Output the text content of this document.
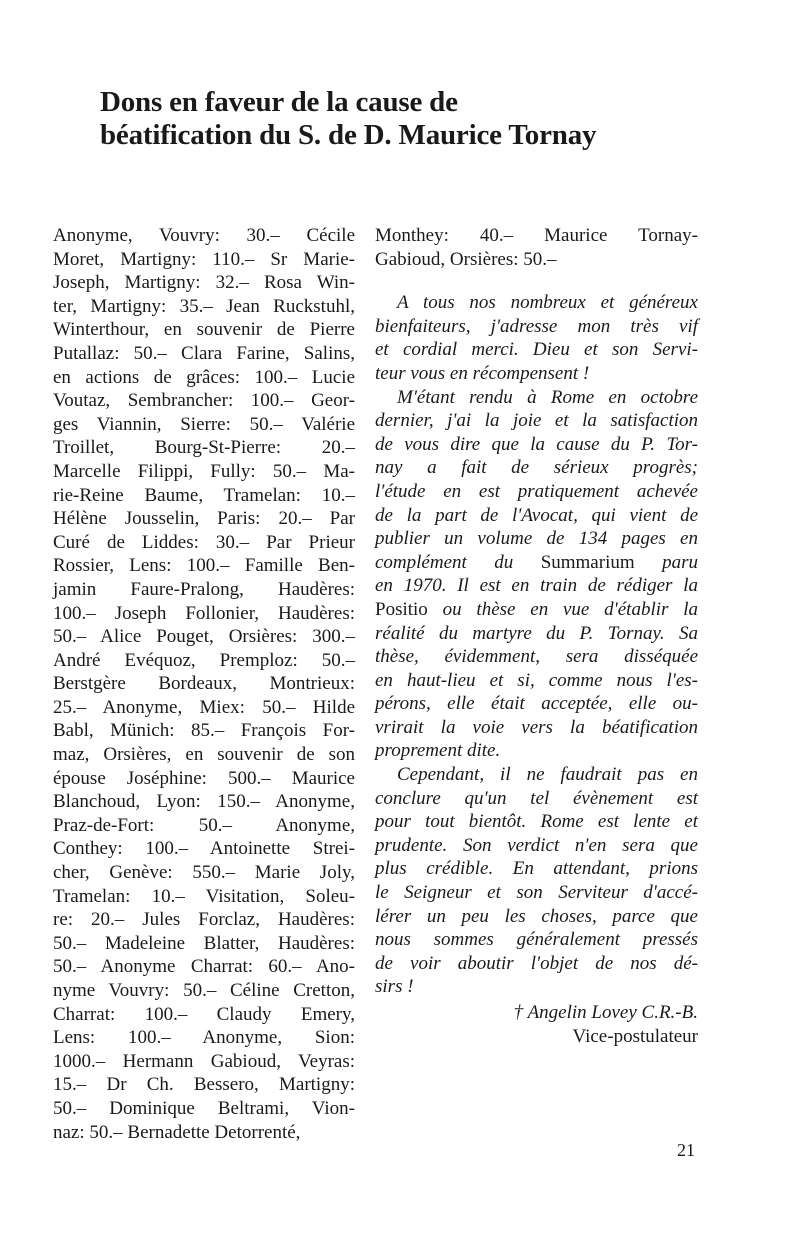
Dons en faveur de la cause de
béatification du S. de D. Maurice Tornay
Anonyme, Vouvry: 30.– Cécile
Moret, Martigny: 110.– Sr Marie-
Joseph, Martigny: 32.– Rosa Win-
ter, Martigny: 35.– Jean Ruckstuhl,
Winterthour, en souvenir de Pierre
Putallaz: 50.– Clara Farine, Salins,
en actions de grâces: 100.– Lucie
Voutaz, Sembrancher: 100.– Geor-
ges Viannin, Sierre: 50.– Valérie
Troillet, Bourg-St-Pierre: 20.–
Marcelle Filippi, Fully: 50.– Ma-
rie-Reine Baume, Tramelan: 10.–
Hélène Jousselin, Paris: 20.– Par
Curé de Liddes: 30.– Par Prieur
Rossier, Lens: 100.– Famille Ben-
jamin Faure-Pralong, Haudères:
100.– Joseph Follonier, Haudères:
50.– Alice Pouget, Orsières: 300.–
André Evéquoz, Premploz: 50.–
Berstgère Bordeaux, Montrieux:
25.– Anonyme, Miex: 50.– Hilde
Babl, Münich: 85.– François For-
maz, Orsières, en souvenir de son
épouse Joséphine: 500.– Maurice
Blanchoud, Lyon: 150.– Anonyme,
Praz-de-Fort: 50.– Anonyme,
Conthey: 100.– Antoinette Strei-
cher, Genève: 550.– Marie Joly,
Tramelan: 10.– Visitation, Soleu-
re: 20.– Jules Forclaz, Haudères:
50.– Madeleine Blatter, Haudères:
50.– Anonyme Charrat: 60.– Ano-
nyme Vouvry: 50.– Céline Cretton,
Charrat: 100.– Claudy Emery,
Lens: 100.– Anonyme, Sion:
1000.– Hermann Gabioud, Veyras:
15.– Dr Ch. Bessero, Martigny:
50.– Dominique Beltrami, Vion-
naz: 50.– Bernadette Detorrenté,
Monthey: 40.– Maurice Tornay-
Gabioud, Orsières: 50.–
A tous nos nombreux et généreux
bienfaiteurs, j'adresse mon très vif
et cordial merci. Dieu et son Servi-
teur vous en récompensent !
M'étant rendu à Rome en octobre
dernier, j'ai la joie et la satisfaction
de vous dire que la cause du P. Tor-
nay a fait de sérieux progrès;
l'étude en est pratiquement achevée
de la part de l'Avocat, qui vient de
publier un volume de 134 pages en
complément du Summarium paru
en 1970. Il est en train de rédiger la
Positio ou thèse en vue d'établir la
réalité du martyre du P. Tornay. Sa
thèse, évidemment, sera disséquée
en haut-lieu et si, comme nous l'es-
pérons, elle était acceptée, elle ou-
vrirait la voie vers la béatification
proprement dite.
Cependant, il ne faudrait pas en
conclure qu'un tel évènement est
pour tout bientôt. Rome est lente et
prudente. Son verdict n'en sera que
plus crédible. En attendant, prions
le Seigneur et son Serviteur d'accé-
lérer un peu les choses, parce que
nous sommes généralement pressés
de voir aboutir l'objet de nos dé-
sirs !
† Angelin Lovey C.R.-B.
Vice-postulateur
21
